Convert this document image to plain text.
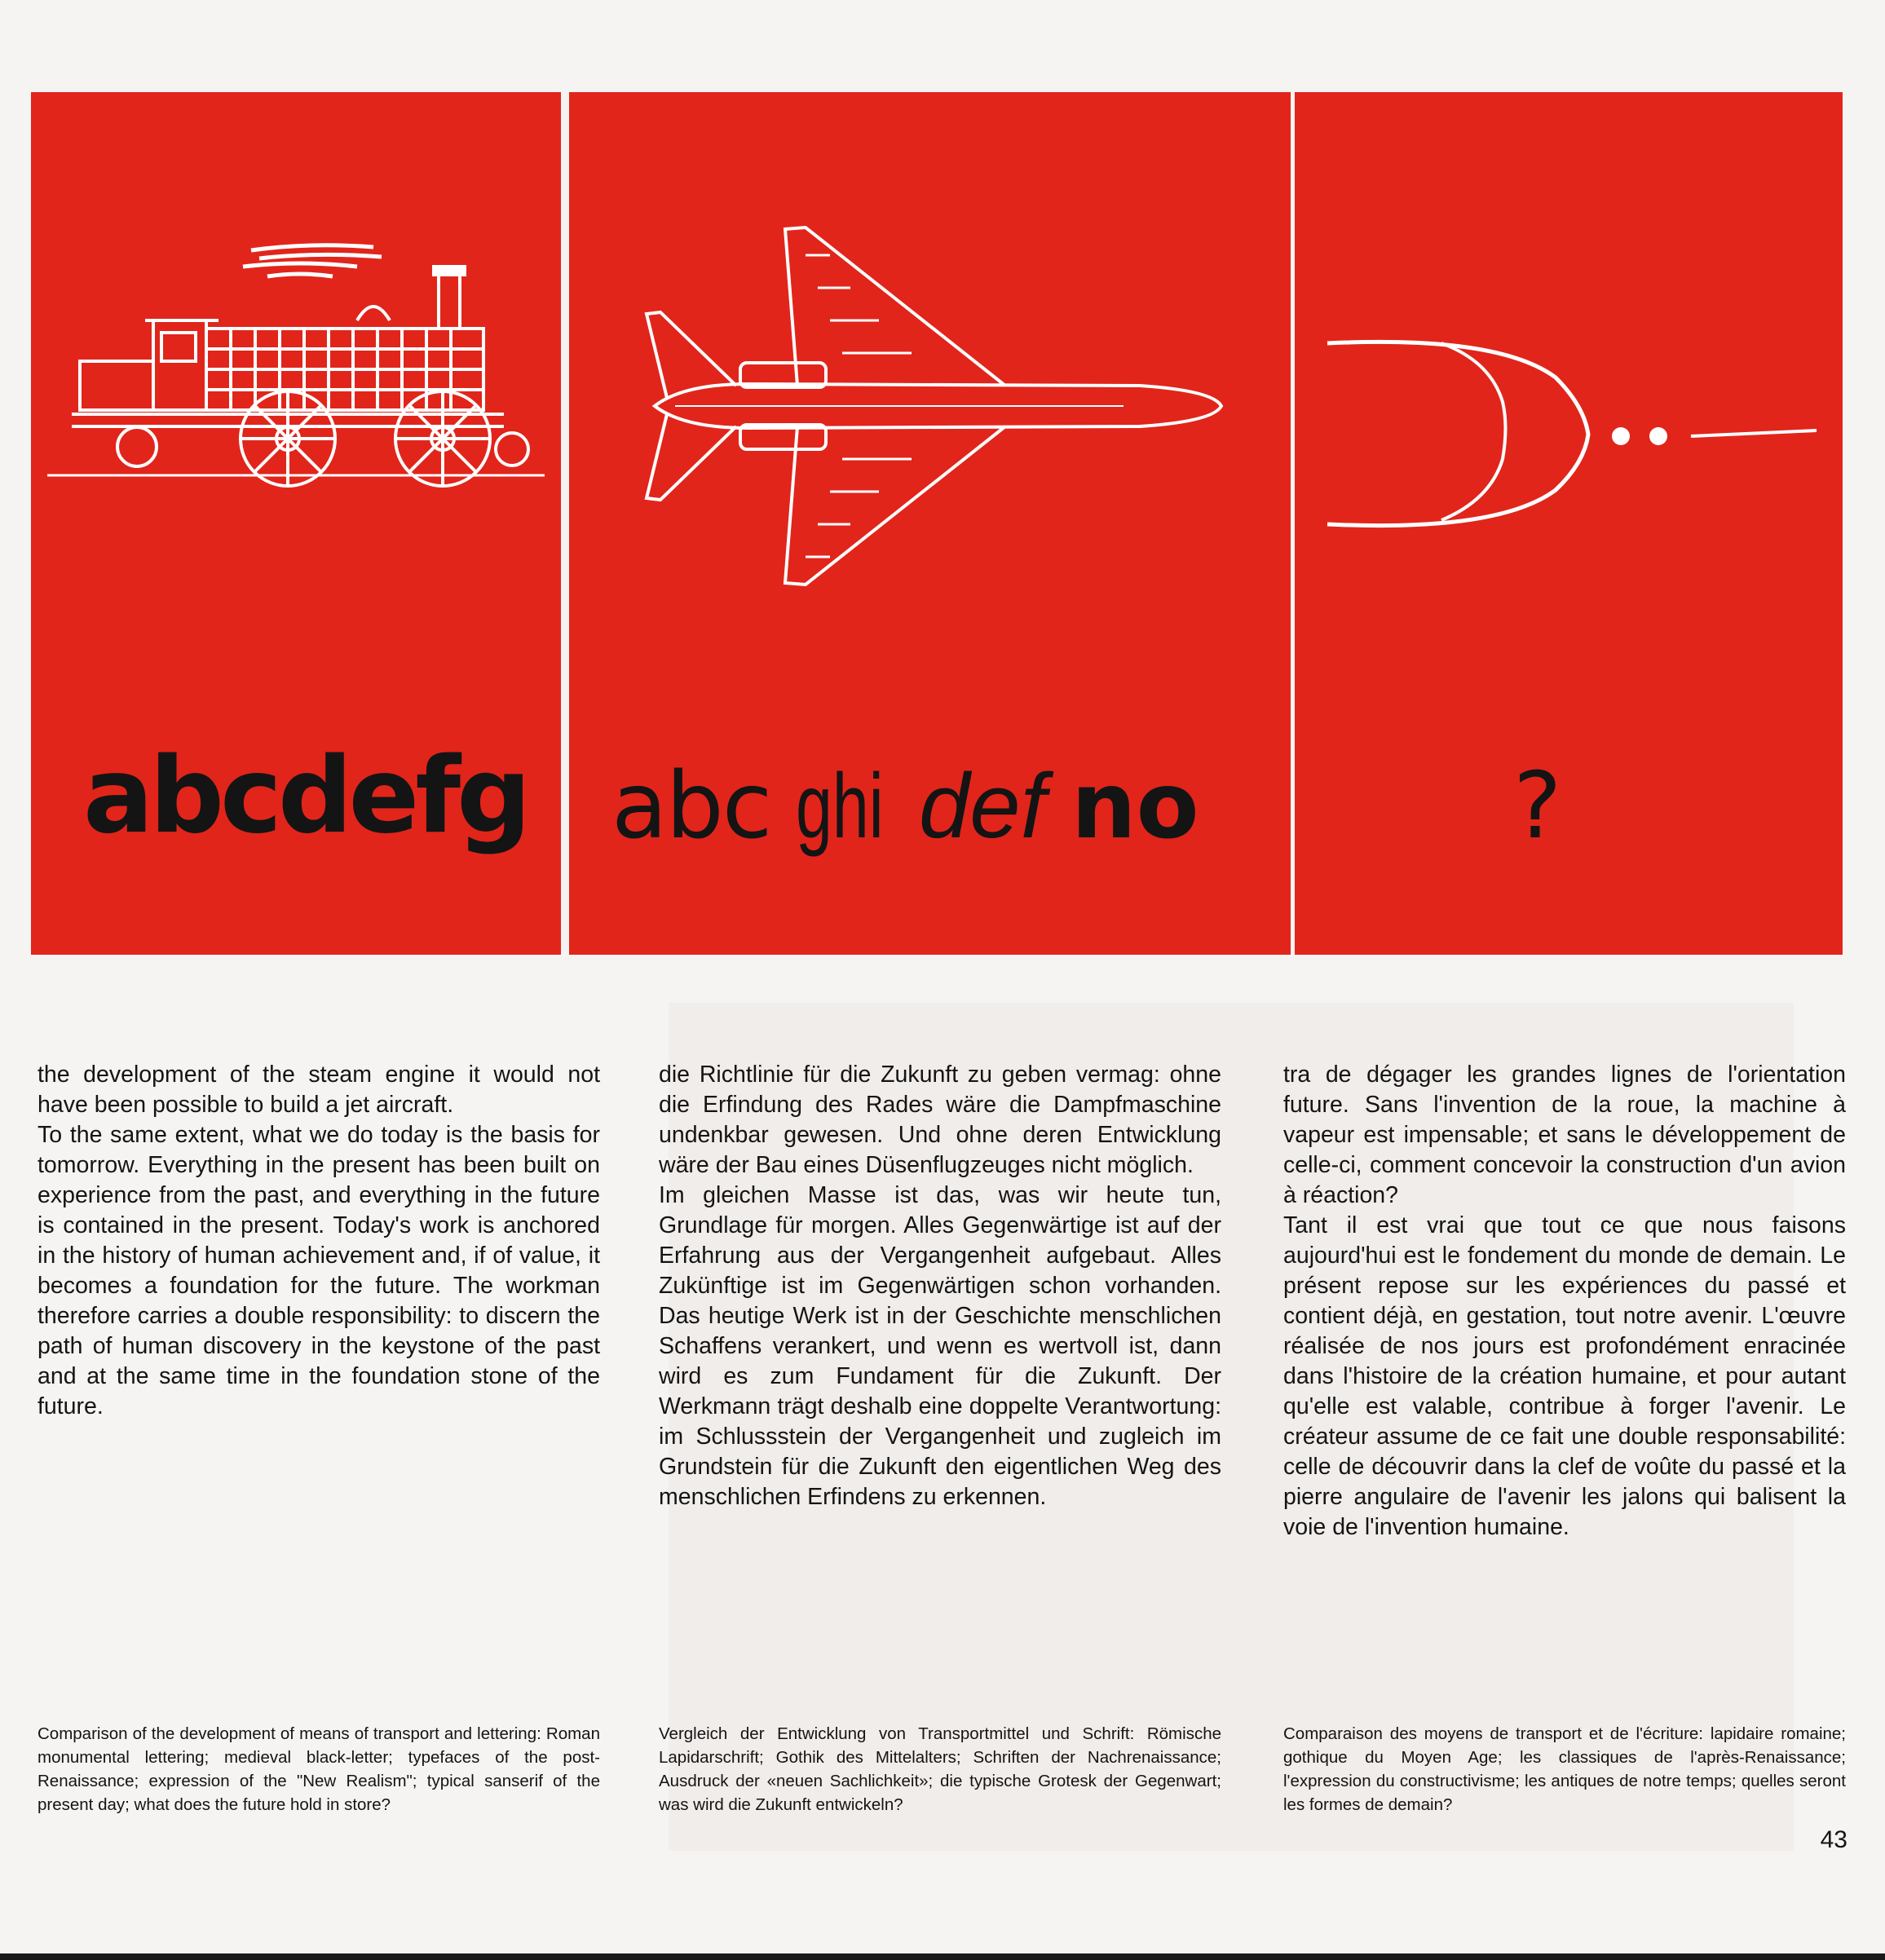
abcdefg abc ghi def no	?

the development of the steam engine it would not have been possible to build a jet aircraft.

To the same extent, what we do today is the basis for tomorrow. Everything in the present has been built on experience from the past, and everything in the future is contained in the present. Today's work is anchored in the history of human achievement and, if of value, it becomes a foundation for the future. The workman therefore carries a double responsibility: to discern the path of human discovery in the keystone of the past and at the same time in the foundation stone of the future.

die Richtlinie für die Zukunft zu geben vermag: ohne die Erfindung des Rades wäre die Dampfmaschine undenkbar gewesen. Und ohne deren Entwicklung wäre der Bau eines Düsenflugzeuges nicht möglich.

Im gleichen Masse ist das, was wir heute tun, Grundlage für morgen. Alles Gegenwärtige ist auf der Erfahrung aus der Vergangenheit aufgebaut. Alles Zukünftige ist im Gegenwärtigen schon vorhanden. Das heutige Werk ist in der Geschichte menschlichen Schaffens verankert, und wenn es wertvoll ist, dann wird es zum Fundament für die Zukunft. Der Werkmann trägt deshalb eine doppelte Verantwortung: im Schlussstein der Vergangenheit und zugleich im Grundstein für die Zukunft den eigentlichen Weg des menschlichen Erfindens zu erkennen.

tra de dégager les grandes lignes de l'orientation future. Sans l'invention de la roue, la machine à vapeur est impensable; et sans le développement de celle-ci, comment concevoir la construction d'un avion à réaction?

Tant il est vrai que tout ce que nous faisons aujourd'hui est le fondement du monde de demain. Le présent repose sur les expériences du passé et contient déjà, en gestation, tout notre avenir. L'œuvre réalisée de nos jours est profondément enracinée dans l'histoire de la création humaine, et pour autant qu'elle est valable, contribue à forger l'avenir. Le créateur assume de ce fait une double responsabilité: celle de découvrir dans la clef de voûte du passé et la pierre angulaire de l'avenir les jalons qui balisent la voie de l'invention humaine.

Comparison of the development of means of transport and lettering: Roman monumental lettering; medieval black-letter; typefaces of the post-Renaissance; expression of the "New Realism"; typical sanserif of the present day; what does the future hold in store?
Vergleich der Entwicklung von Transportmittel und Schrift: Römische Lapidarschrift; Gothik des Mittelalters; Schriften der Nachrenaissance; Ausdruck der «neuen Sachlichkeit»; die typische Grotesk der Gegenwart; was wird die Zukunft entwickeln?
Comparaison des moyens de transport et de l'écriture: lapidaire romaine; gothique du Moyen Age; les classiques de l'après-Renaissance; l'expression du constructivisme; les antiques de notre temps; quelles seront les formes de demain?
43
